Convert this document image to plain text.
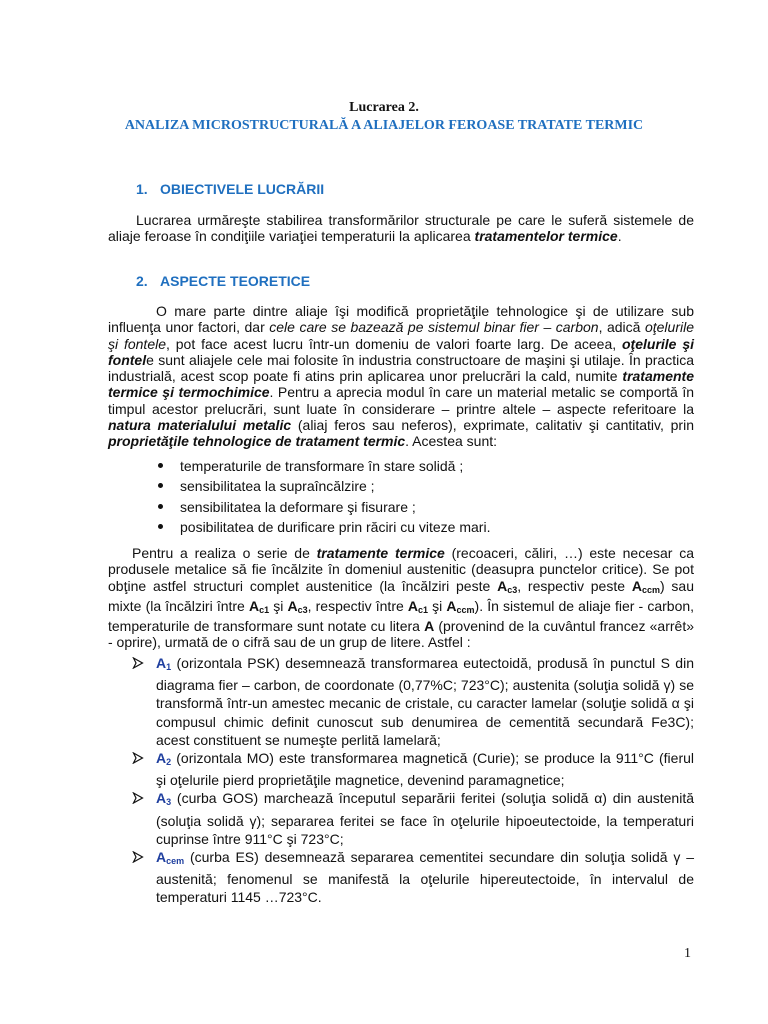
Lucrarea 2.

ANALIZA MICROSTRUCTURALĂ A ALIAJELOR FEROASE TRATATE TERMIC

1. OBIECTIVELE LUCRĂRII

Lucrarea urmăreşte stabilirea transformărilor structurale pe care le suferă sistemele de aliaje feroase în condiţiile variaţiei temperaturii la aplicarea tratamentelor termice.

2. ASPECTE TEORETICE

O mare parte dintre aliaje îşi modifică proprietăţile tehnologice şi de utilizare sub influenţa unor factori, dar cele care se bazează pe sistemul binar fier – carbon, adică oţelurile şi fontele, pot face acest lucru într-un domeniu de valori foarte larg. De aceea, oţelurile şi fontele sunt aliajele cele mai folosite în industria constructoare de maşini şi utilaje. În practica industrială, acest scop poate fi atins prin aplicarea unor prelucrări la cald, numite tratamente termice şi termochimice. Pentru a aprecia modul în care un material metalic se comportă în timpul acestor prelucrări, sunt luate în considerare – printre altele – aspecte referitoare la natura materialului metalic (aliaj feros sau neferos), exprimate, calitativ şi cantitativ, prin proprietăţile tehnologice de tratament termic. Acestea sunt:

temperaturile de transformare în stare solidă ;
sensibilitatea la supraîncălzire ;
sensibilitatea la deformare şi fisurare ;
posibilitatea de durificare prin răciri cu viteze mari.

Pentru a realiza o serie de tratamente termice (recoaceri, căliri, …) este necesar ca produsele metalice să fie încălzite în domeniul austenitic (deasupra punctelor critice). Se pot obţine astfel structuri complet austenitice (la încălziri peste $A_{c3}$, respectiv peste $A_{ccm}$) sau mixte (la încălziri între $A_{c1}$ şi $A_{c3}$, respectiv între $A_{c1}$ şi $A_{ccm}$). În sistemul de aliaje fier - carbon, temperaturile de transformare sunt notate cu litera A (provenind de la cuvântul francez «arrêt» - oprire), urmată de o cifră sau de un grup de litere. Astfel :

$A_1$ (orizontala PSK) desemnează transformarea eutectoidă, produsă în punctul S din diagrama fier – carbon, de coordonate (0,77%C; 723°C); austenita (soluţia solidă γ) se transformă într-un amestec mecanic de cristale, cu caracter lamelar (soluţie solidă α şi compusul chimic definit cunoscut sub denumirea de cementită secundară Fe3C); acest constituent se numeşte perlită lamelară;
$A_2$ (orizontala MO) este transformarea magnetică (Curie); se produce la 911°C (fierul şi oţelurile pierd proprietăţile magnetice, devenind paramagnetice;
$A_3$ (curba GOS) marchează începutul separării feritei (soluţia solidă α) din austenită (soluţia solidă γ); separarea feritei se face în oţelurile hipoeutectoide, la temperaturi cuprinse între 911°C şi 723°C;
$A_{cem}$ (curba ES) desemnează separarea cementitei secundare din soluţia solidă γ – austenită; fenomenul se manifestă la oţelurile hipereutectoide, în intervalul de temperaturi 1145 …723°C.

1
